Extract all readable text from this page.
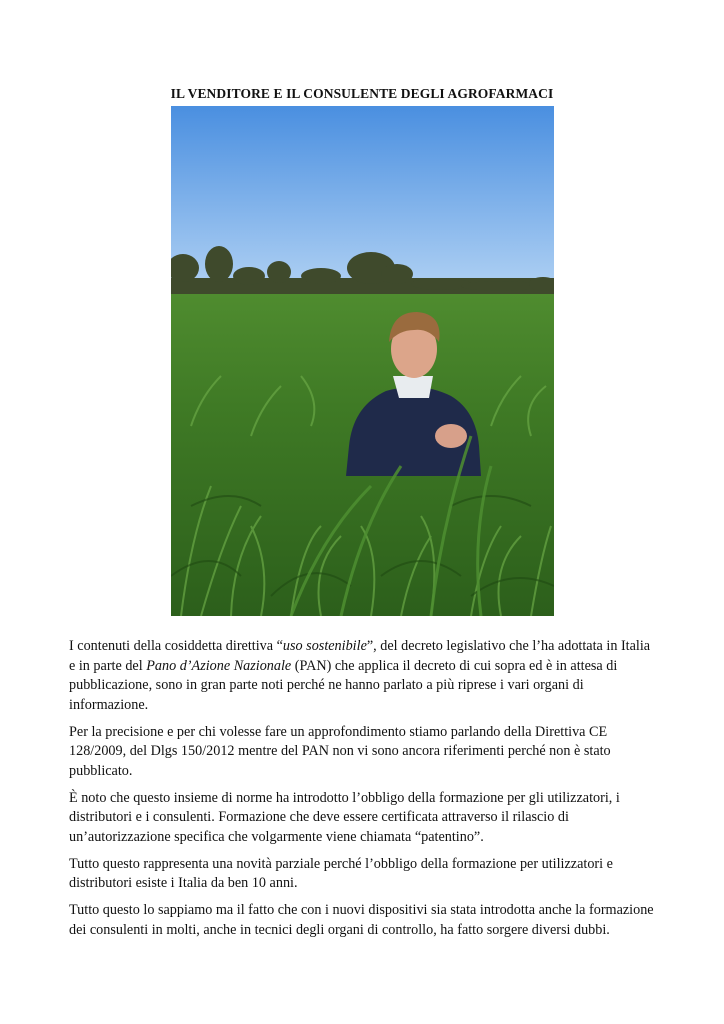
IL VENDITORE E IL CONSULENTE DEGLI AGROFARMACI

I contenuti della cosiddetta direttiva “uso sostenibile”, del decreto legislativo che l’ha adottata in Italia e in parte del Pano d’Azione Nazionale (PAN) che applica il decreto di cui sopra ed è in attesa di pubblicazione, sono in gran parte noti perché ne hanno parlato a più riprese i vari organi di informazione.

Per la precisione e per chi volesse fare un approfondimento stiamo parlando della Direttiva CE 128/2009, del Dlgs 150/2012 mentre del PAN non vi sono ancora riferimenti perché non è stato pubblicato.

È noto che questo insieme di norme ha introdotto l’obbligo della formazione per gli utilizzatori, i distributori e i consulenti. Formazione che deve essere certificata attraverso il rilascio di un’autorizzazione specifica che volgarmente viene chiamata “patentino”.

Tutto questo rappresenta una novità parziale perché l’obbligo della formazione per utilizzatori e distributori esiste i Italia da ben 10 anni.

Tutto questo lo sappiamo ma il fatto che con i nuovi dispositivi sia stata introdotta anche la formazione dei consulenti in molti, anche in tecnici degli organi di controllo, ha fatto sorgere diversi dubbi.
